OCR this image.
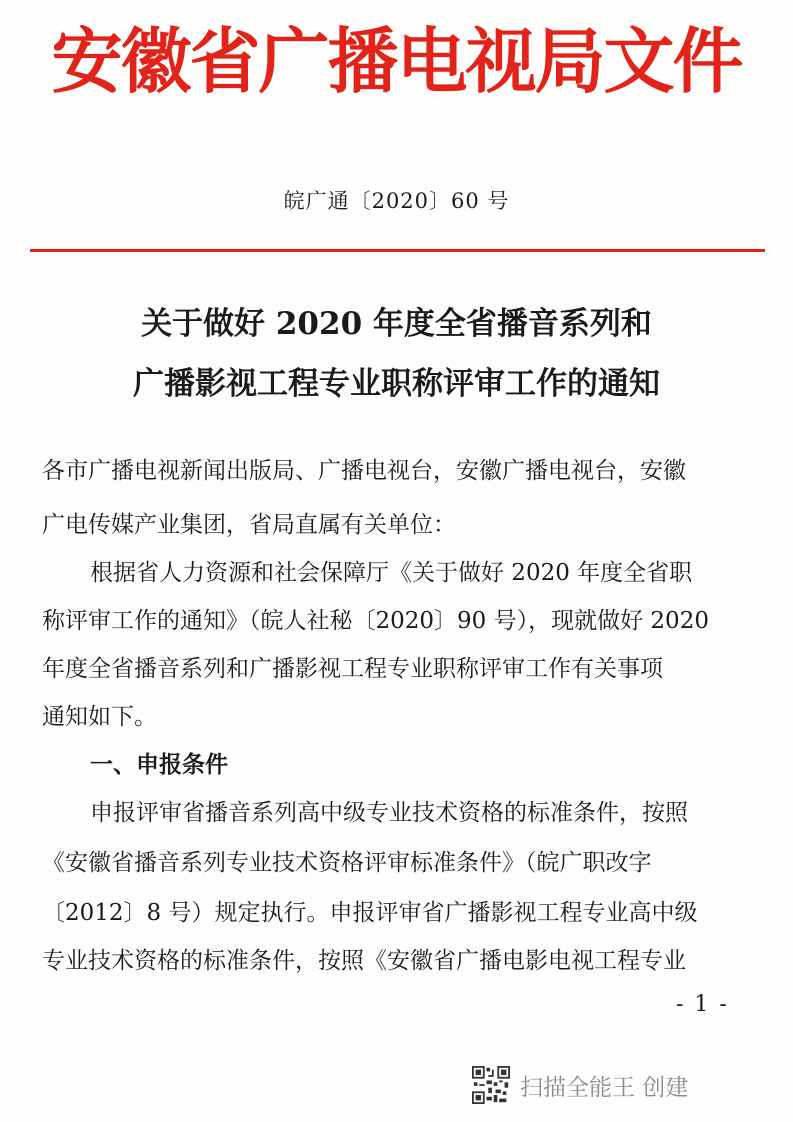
安徽省广播电视局文件
皖广通〔2020〕60 号
关于做好 2020 年度全省播音系列和
广播影视工程专业职称评审工作的通知
各市广播电视新闻出版局、广播电视台，安徽广播电视台，安徽
广电传媒产业集团，省局直属有关单位：
根据省人力资源和社会保障厅《关于做好 2020 年度全省职
称评审工作的通知》（皖人社秘〔2020〕90 号），现就做好 2020
年度全省播音系列和广播影视工程专业职称评审工作有关事项
通知如下。
一、申报条件
申报评审省播音系列高中级专业技术资格的标准条件，按照
《安徽省播音系列专业技术资格评审标准条件》（皖广职改字
〔2012〕8 号）规定执行。申报评审省广播影视工程专业高中级
专业技术资格的标准条件，按照《安徽省广播电影电视工程专业
- 1 -
扫描全能王 创建
